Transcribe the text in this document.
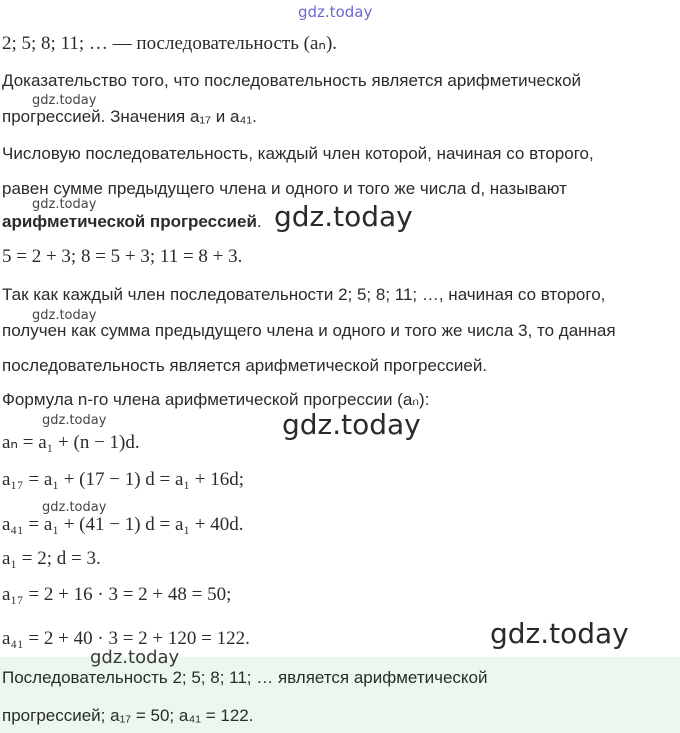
gdz.today
gdz.today
gdz.today	gdz.today
gdz.today
gdz.today	gdz.today
gdz.today
gdz.today
gdz.today
2; 5; 8; 11; … — последовательность (aₙ).
Доказательство того, что последовательность является арифметической
прогрессией. Значения a₁₇ и a₄₁.
Числовую последовательность, каждый член которой, начиная со второго,
равен сумме предыдущего члена и одного и того же числа d, называют
арифметической прогрессией.
5 = 2 + 3; 8 = 5 + 3; 11 = 8 + 3.
Так как каждый член последовательности 2; 5; 8; 11; …, начиная со второго,
получен как сумма предыдущего члена и одного и того же числа 3, то данная
последовательность является арифметической прогрессией.
Формула n-го члена арифметической прогрессии (aₙ):
aₙ = a₁ + (n − 1)d.
a₁₇ = a₁ + (17 − 1) d = a₁ + 16d;
a₄₁ = a₁ + (41 − 1) d = a₁ + 40d.
a₁ = 2; d = 3.
a₁₇ = 2 + 16 · 3 = 2 + 48 = 50;
a₄₁ = 2 + 40 · 3 = 2 + 120 = 122.
Последовательность 2; 5; 8; 11; … является арифметической
прогрессией; a₁₇ = 50; a₄₁ = 122.
